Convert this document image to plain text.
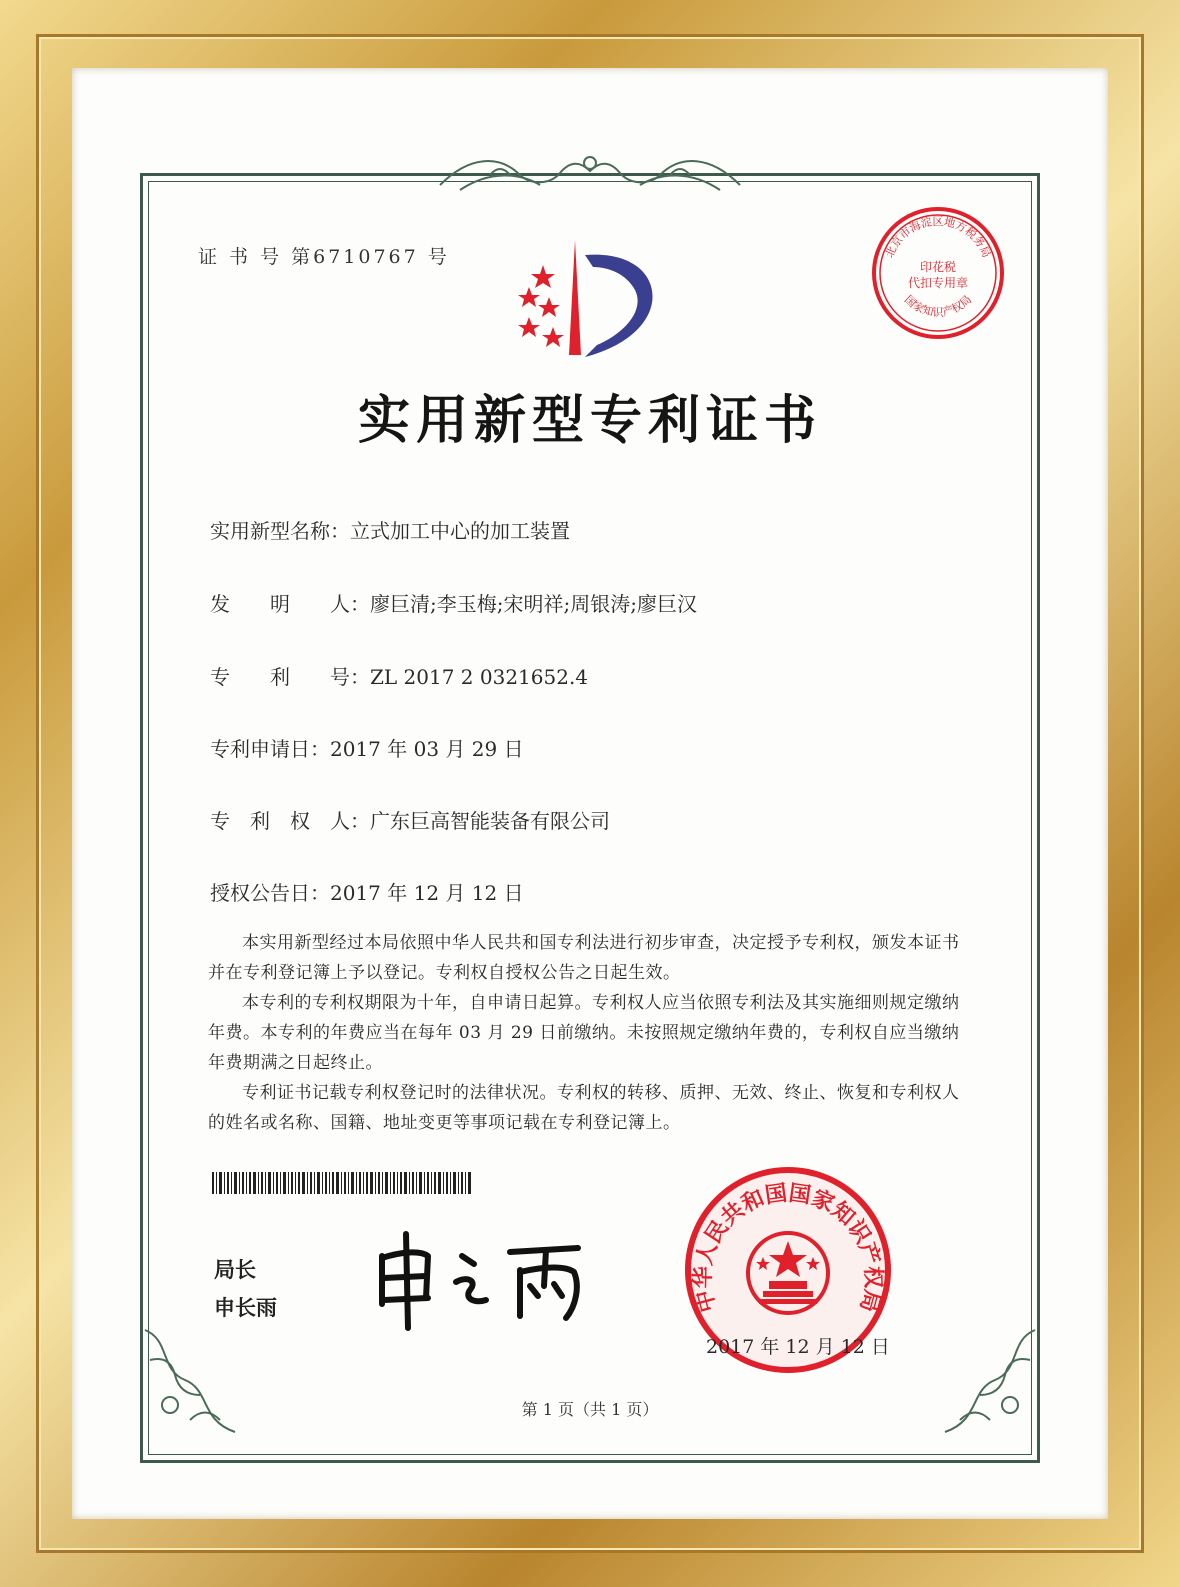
证 书 号 第6710767 号
实用新型专利证书
实用新型名称：立式加工中心的加工装置
发　　明　　人：廖巨清;李玉梅;宋明祥;周银涛;廖巨汉
专　　利　　号：ZL 2017 2 0321652.4
专利申请日：2017 年 03 月 29 日
专　利　权　人：广东巨高智能装备有限公司
授权公告日：2017 年 12 月 12 日
本实用新型经过本局依照中华人民共和国专利法进行初步审查，决定授予专利权，颁发本证书并在专利登记簿上予以登记。专利权自授权公告之日起生效。
本专利的专利权期限为十年，自申请日起算。专利权人应当依照专利法及其实施细则规定缴纳年费。本专利的年费应当在每年 03 月 29 日前缴纳。未按照规定缴纳年费的，专利权自应当缴纳年费期满之日起终止。
专利证书记载专利权登记时的法律状况。专利权的转移、质押、无效、终止、恢复和专利权人的姓名或名称、国籍、地址变更等事项记载在专利登记簿上。
局长
申长雨
北京市海淀区地方税务局
国家知识产权局
印花税
代扣专用章
中华人民共和国国家知识产权局
2017 年 12 月 12 日
第 1 页（共 1 页）
